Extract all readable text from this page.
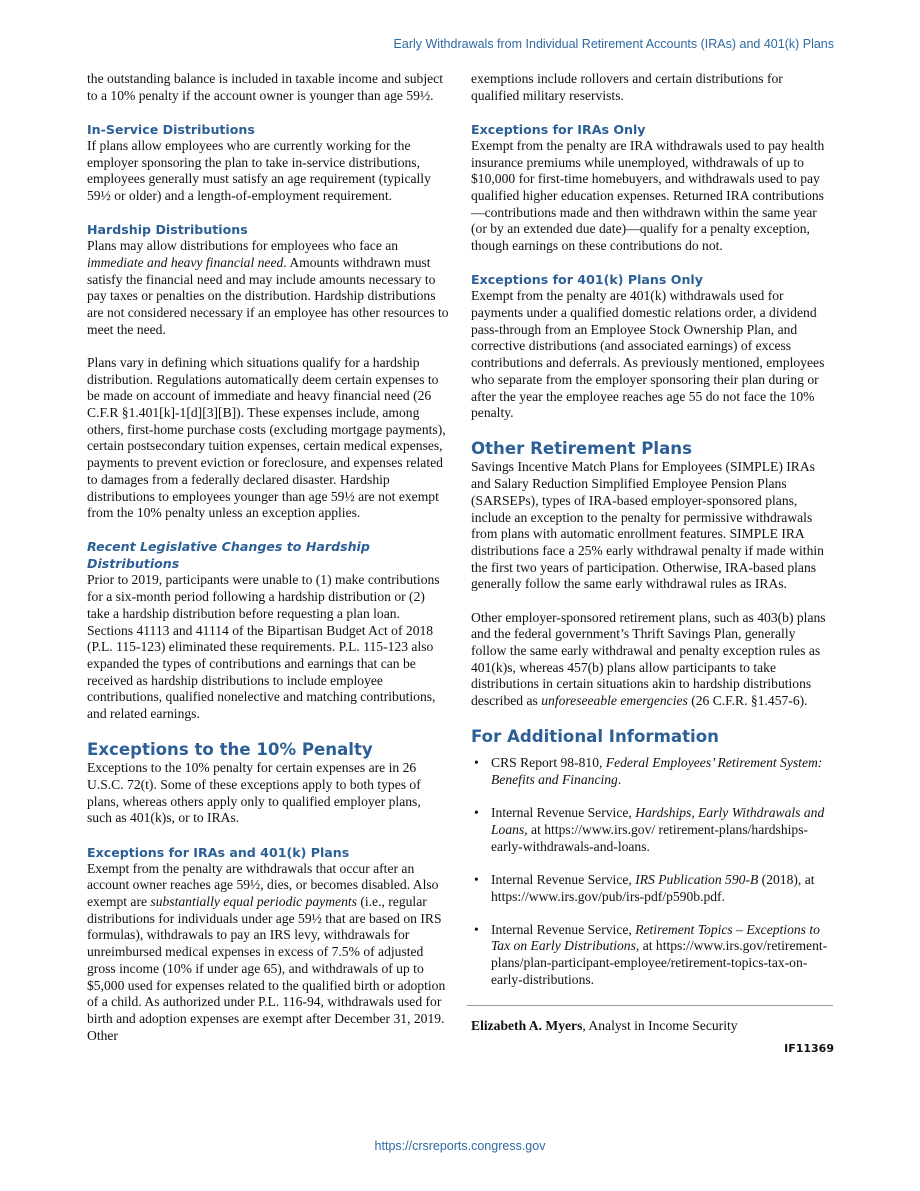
Early Withdrawals from Individual Retirement Accounts (IRAs) and 401(k) Plans

the outstanding balance is included in taxable income and subject to a 10% penalty if the account owner is younger than age 59½.

In-Service Distributions

If plans allow employees who are currently working for the employer sponsoring the plan to take in-service distributions, employees generally must satisfy an age requirement (typically 59½ or older) and a length-of-employment requirement.

Hardship Distributions

Plans may allow distributions for employees who face an immediate and heavy financial need. Amounts withdrawn must satisfy the financial need and may include amounts necessary to pay taxes or penalties on the distribution. Hardship distributions are not considered necessary if an employee has other resources to meet the need.

Plans vary in defining which situations qualify for a hardship distribution. Regulations automatically deem certain expenses to be made on account of immediate and heavy financial need (26 C.F.R §1.401[k]-1[d][3][B]). These expenses include, among others, first-home purchase costs (excluding mortgage payments), certain postsecondary tuition expenses, certain medical expenses, payments to prevent eviction or foreclosure, and expenses related to damages from a federally declared disaster. Hardship distributions to employees younger than age 59½ are not exempt from the 10% penalty unless an exception applies.

Recent Legislative Changes to Hardship Distributions

Prior to 2019, participants were unable to (1) make contributions for a six-month period following a hardship distribution or (2) take a hardship distribution before requesting a plan loan. Sections 41113 and 41114 of the Bipartisan Budget Act of 2018 (P.L. 115-123) eliminated these requirements. P.L. 115-123 also expanded the types of contributions and earnings that can be received as hardship distributions to include employee contributions, qualified nonelective and matching contributions, and related earnings.

Exceptions to the 10% Penalty

Exceptions to the 10% penalty for certain expenses are in 26 U.S.C. 72(t). Some of these exceptions apply to both types of plans, whereas others apply only to qualified employer plans, such as 401(k)s, or to IRAs.

Exceptions for IRAs and 401(k) Plans

Exempt from the penalty are withdrawals that occur after an account owner reaches age 59½, dies, or becomes disabled. Also exempt are substantially equal periodic payments (i.e., regular distributions for individuals under age 59½ that are based on IRS formulas), withdrawals to pay an IRS levy, withdrawals for unreimbursed medical expenses in excess of 7.5% of adjusted gross income (10% if under age 65), and withdrawals of up to $5,000 used for expenses related to the qualified birth or adoption of a child. As authorized under P.L. 116-94, withdrawals used for birth and adoption expenses are exempt after December 31, 2019. Other

exemptions include rollovers and certain distributions for qualified military reservists.

Exceptions for IRAs Only

Exempt from the penalty are IRA withdrawals used to pay health insurance premiums while unemployed, withdrawals of up to $10,000 for first-time homebuyers, and withdrawals used to pay qualified higher education expenses. Returned IRA contributions—contributions made and then withdrawn within the same year (or by an extended due date)—qualify for a penalty exception, though earnings on these contributions do not.

Exceptions for 401(k) Plans Only

Exempt from the penalty are 401(k) withdrawals used for payments under a qualified domestic relations order, a dividend pass-through from an Employee Stock Ownership Plan, and corrective distributions (and associated earnings) of excess contributions and deferrals. As previously mentioned, employees who separate from the employer sponsoring their plan during or after the year the employee reaches age 55 do not face the 10% penalty.

Other Retirement Plans

Savings Incentive Match Plans for Employees (SIMPLE) IRAs and Salary Reduction Simplified Employee Pension Plans (SARSEPs), types of IRA-based employer-sponsored plans, include an exception to the penalty for permissive withdrawals from plans with automatic enrollment features. SIMPLE IRA distributions face a 25% early withdrawal penalty if made within the first two years of participation. Otherwise, IRA-based plans generally follow the same early withdrawal rules as IRAs.

Other employer-sponsored retirement plans, such as 403(b) plans and the federal government’s Thrift Savings Plan, generally follow the same early withdrawal and penalty exception rules as 401(k)s, whereas 457(b) plans allow participants to take distributions in certain situations akin to hardship distributions described as unforeseeable emergencies (26 C.F.R. §1.457-6).

For Additional Information
• CRS Report 98-810, Federal Employees’ Retirement System: Benefits and Financing.
• Internal Revenue Service, Hardships, Early Withdrawals and Loans, at https://www.irs.gov/ retirement-plans/hardships-early-withdrawals-and-loans.
• Internal Revenue Service, IRS Publication 590-B (2018), at https://www.irs.gov/pub/irs-pdf/p590b.pdf.
• Internal Revenue Service, Retirement Topics – Exceptions to Tax on Early Distributions, at https://www.irs.gov/retirement-plans/plan-participant-employee/retirement-topics-tax-on-early-distributions.

Elizabeth A. Myers, Analyst in Income Security

IF11369
https://crsreports.congress.gov
